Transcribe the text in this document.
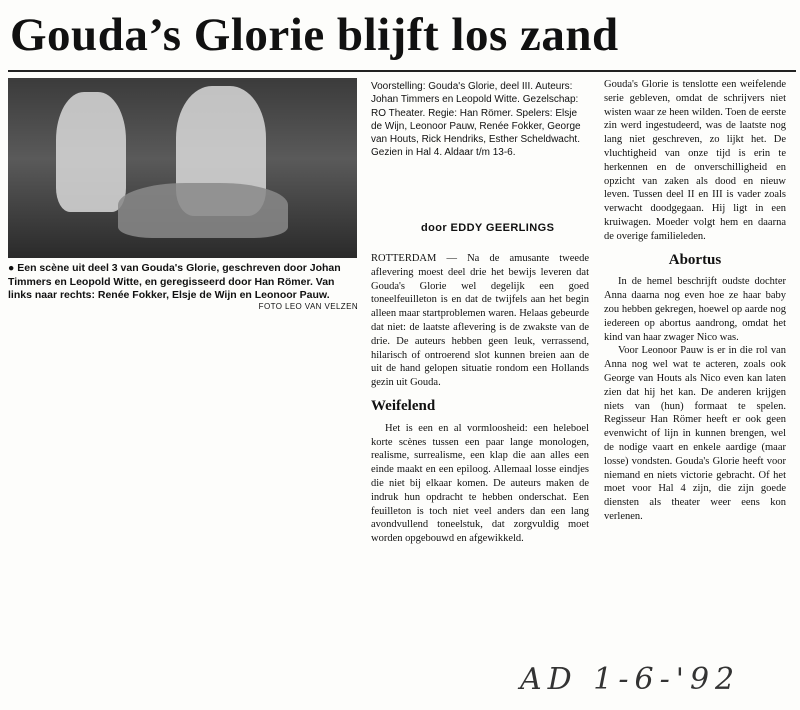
Gouda’s Glorie blijft los zand
● Een scène uit deel 3 van Gouda's Glorie, geschreven door Johan Timmers en Leopold Witte, en geregisseerd door Han Römer. Van links naar rechts: Renée Fokker, Elsje de Wijn en Leonoor Pauw.
FOTO LEO VAN VELZEN
Voorstelling: Gouda's Glorie, deel III. Auteurs: Johan Timmers en Leopold Witte. Gezelschap: RO Theater. Regie: Han Römer. Spelers: Elsje de Wijn, Leonoor Pauw, Renée Fokker, George van Houts, Rick Hendriks, Esther Scheldwacht. Gezien in Hal 4. Aldaar t/m 13-6.
door EDDY GEERLINGS

ROTTERDAM — Na de amusante tweede aflevering moest deel drie het bewijs leveren dat Gouda's Glorie wel degelijk een goed toneelfeuilleton is en dat de twijfels aan het begin alleen maar startproblemen waren. Helaas gebeurde dat niet: de laatste aflevering is de zwakste van de drie. De auteurs hebben geen leuk, verrassend, hilarisch of ontroerend slot kunnen breien aan de uit de hand gelopen situatie rondom een Hollands gezin uit Gouda.

Weifelend

Het is een en al vormloosheid: een heleboel korte scènes tussen een paar lange monologen, realisme, surrealisme, een klap die aan alles een einde maakt en een epiloog. Allemaal losse eindjes die niet bij elkaar komen. De auteurs maken de indruk hun opdracht te hebben onderschat. Een feuilleton is toch niet veel anders dan een lang avondvullend toneelstuk, dat zorgvuldig moet worden opgebouwd en afgewikkeld.

Gouda's Glorie is tenslotte een weifelende serie gebleven, omdat de schrijvers niet wisten waar ze heen wilden. Toen de eerste zin werd ingestudeerd, was de laatste nog lang niet geschreven, zo lijkt het. De vluchtigheid van onze tijd is erin te herkennen en de onverschilligheid en opzicht van zaken als dood en nieuw leven. Tussen deel II en III is vader zoals verwacht doodgegaan. Hij ligt in een kruiwagen. Moeder volgt hem en daarna de overige familieleden.

Abortus

In de hemel beschrijft oudste dochter Anna daarna nog even hoe ze haar baby zou hebben gekregen, hoewel op aarde nog iedereen op abortus aandrong, omdat het kind van haar zwager Nico was.

Voor Leonoor Pauw is er in die rol van Anna nog wel wat te acteren, zoals ook George van Houts als Nico even kan laten zien dat hij het kan. De anderen krijgen niets van (hun) formaat te spelen. Regisseur Han Römer heeft er ook geen evenwicht of lijn in kunnen brengen, wel de nodige vaart en enkele aardige (maar losse) vondsten. Gouda's Glorie heeft voor niemand en niets victorie gebracht. Of het moet voor Hal 4 zijn, die zijn goede diensten als theater weer eens kon verlenen.

AD 1-6-'92
